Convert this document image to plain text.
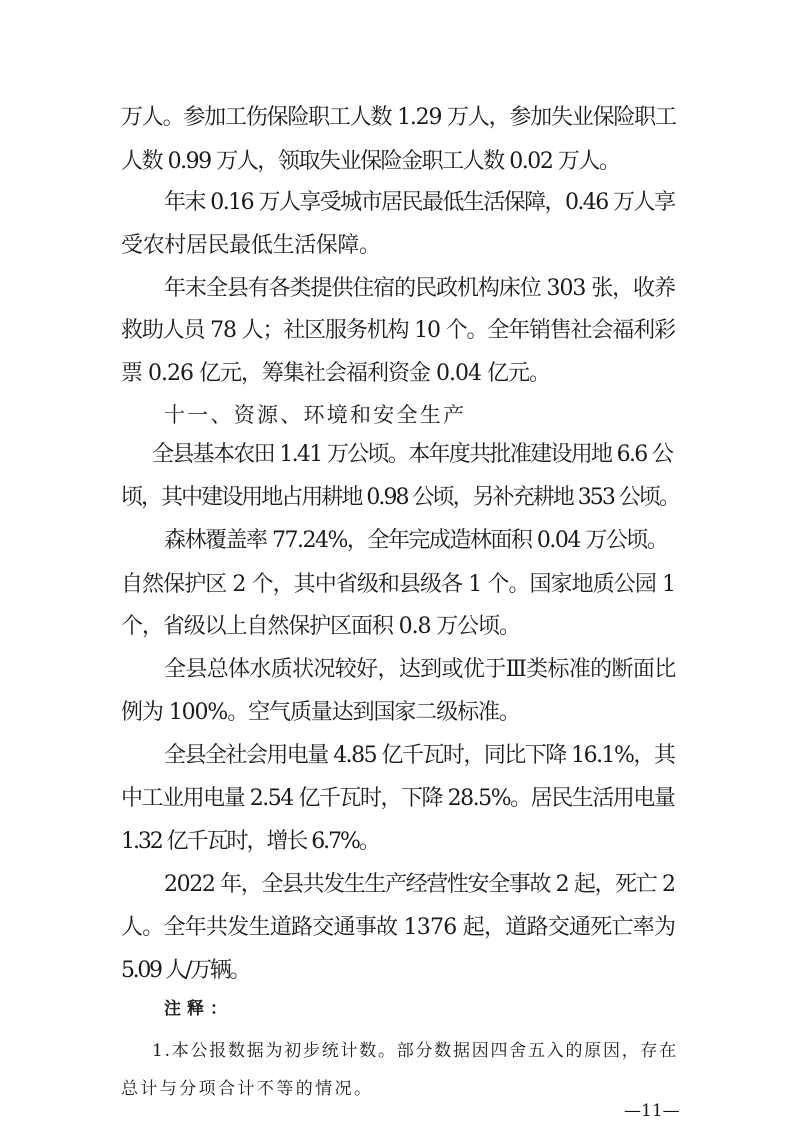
万人。参加工伤保险职工人数 1.29 万人，参加失业保险职工
人数 0.99 万人，领取失业保险金职工人数 0.02 万人。
年末 0.16 万人享受城市居民最低生活保障，0.46 万人享
受农村居民最低生活保障。
年末全县有各类提供住宿的民政机构床位 303 张，收养
救助人员 78 人；社区服务机构 10 个。全年销售社会福利彩
票 0.26 亿元，筹集社会福利资金 0.04 亿元。
十一、资源、环境和安全生产
全县基本农田 1.41 万公顷。本年度共批准建设用地 6.6 公
顷，其中建设用地占用耕地 0.98 公顷，另补充耕地 353 公顷。
森林覆盖率 77.24%，全年完成造林面积 0.04 万公顷。
自然保护区 2 个，其中省级和县级各 1 个。国家地质公园 1
个，省级以上自然保护区面积 0.8 万公顷。
全县总体水质状况较好，达到或优于Ⅲ类标准的断面比
例为 100%。空气质量达到国家二级标准。
全县全社会用电量 4.85 亿千瓦时，同比下降 16.1%，其
中工业用电量 2.54 亿千瓦时，下降 28.5%。居民生活用电量
1.32 亿千瓦时，增长 6.7%。
2022 年，全县共发生生产经营性安全事故 2 起，死亡 2
人。全年共发生道路交通事故 1376 起，道路交通死亡率为
5.09 人/万辆。
注释：
1.本公报数据为初步统计数。部分数据因四舍五入的原因，存在
总计与分项合计不等的情况。
—11—
